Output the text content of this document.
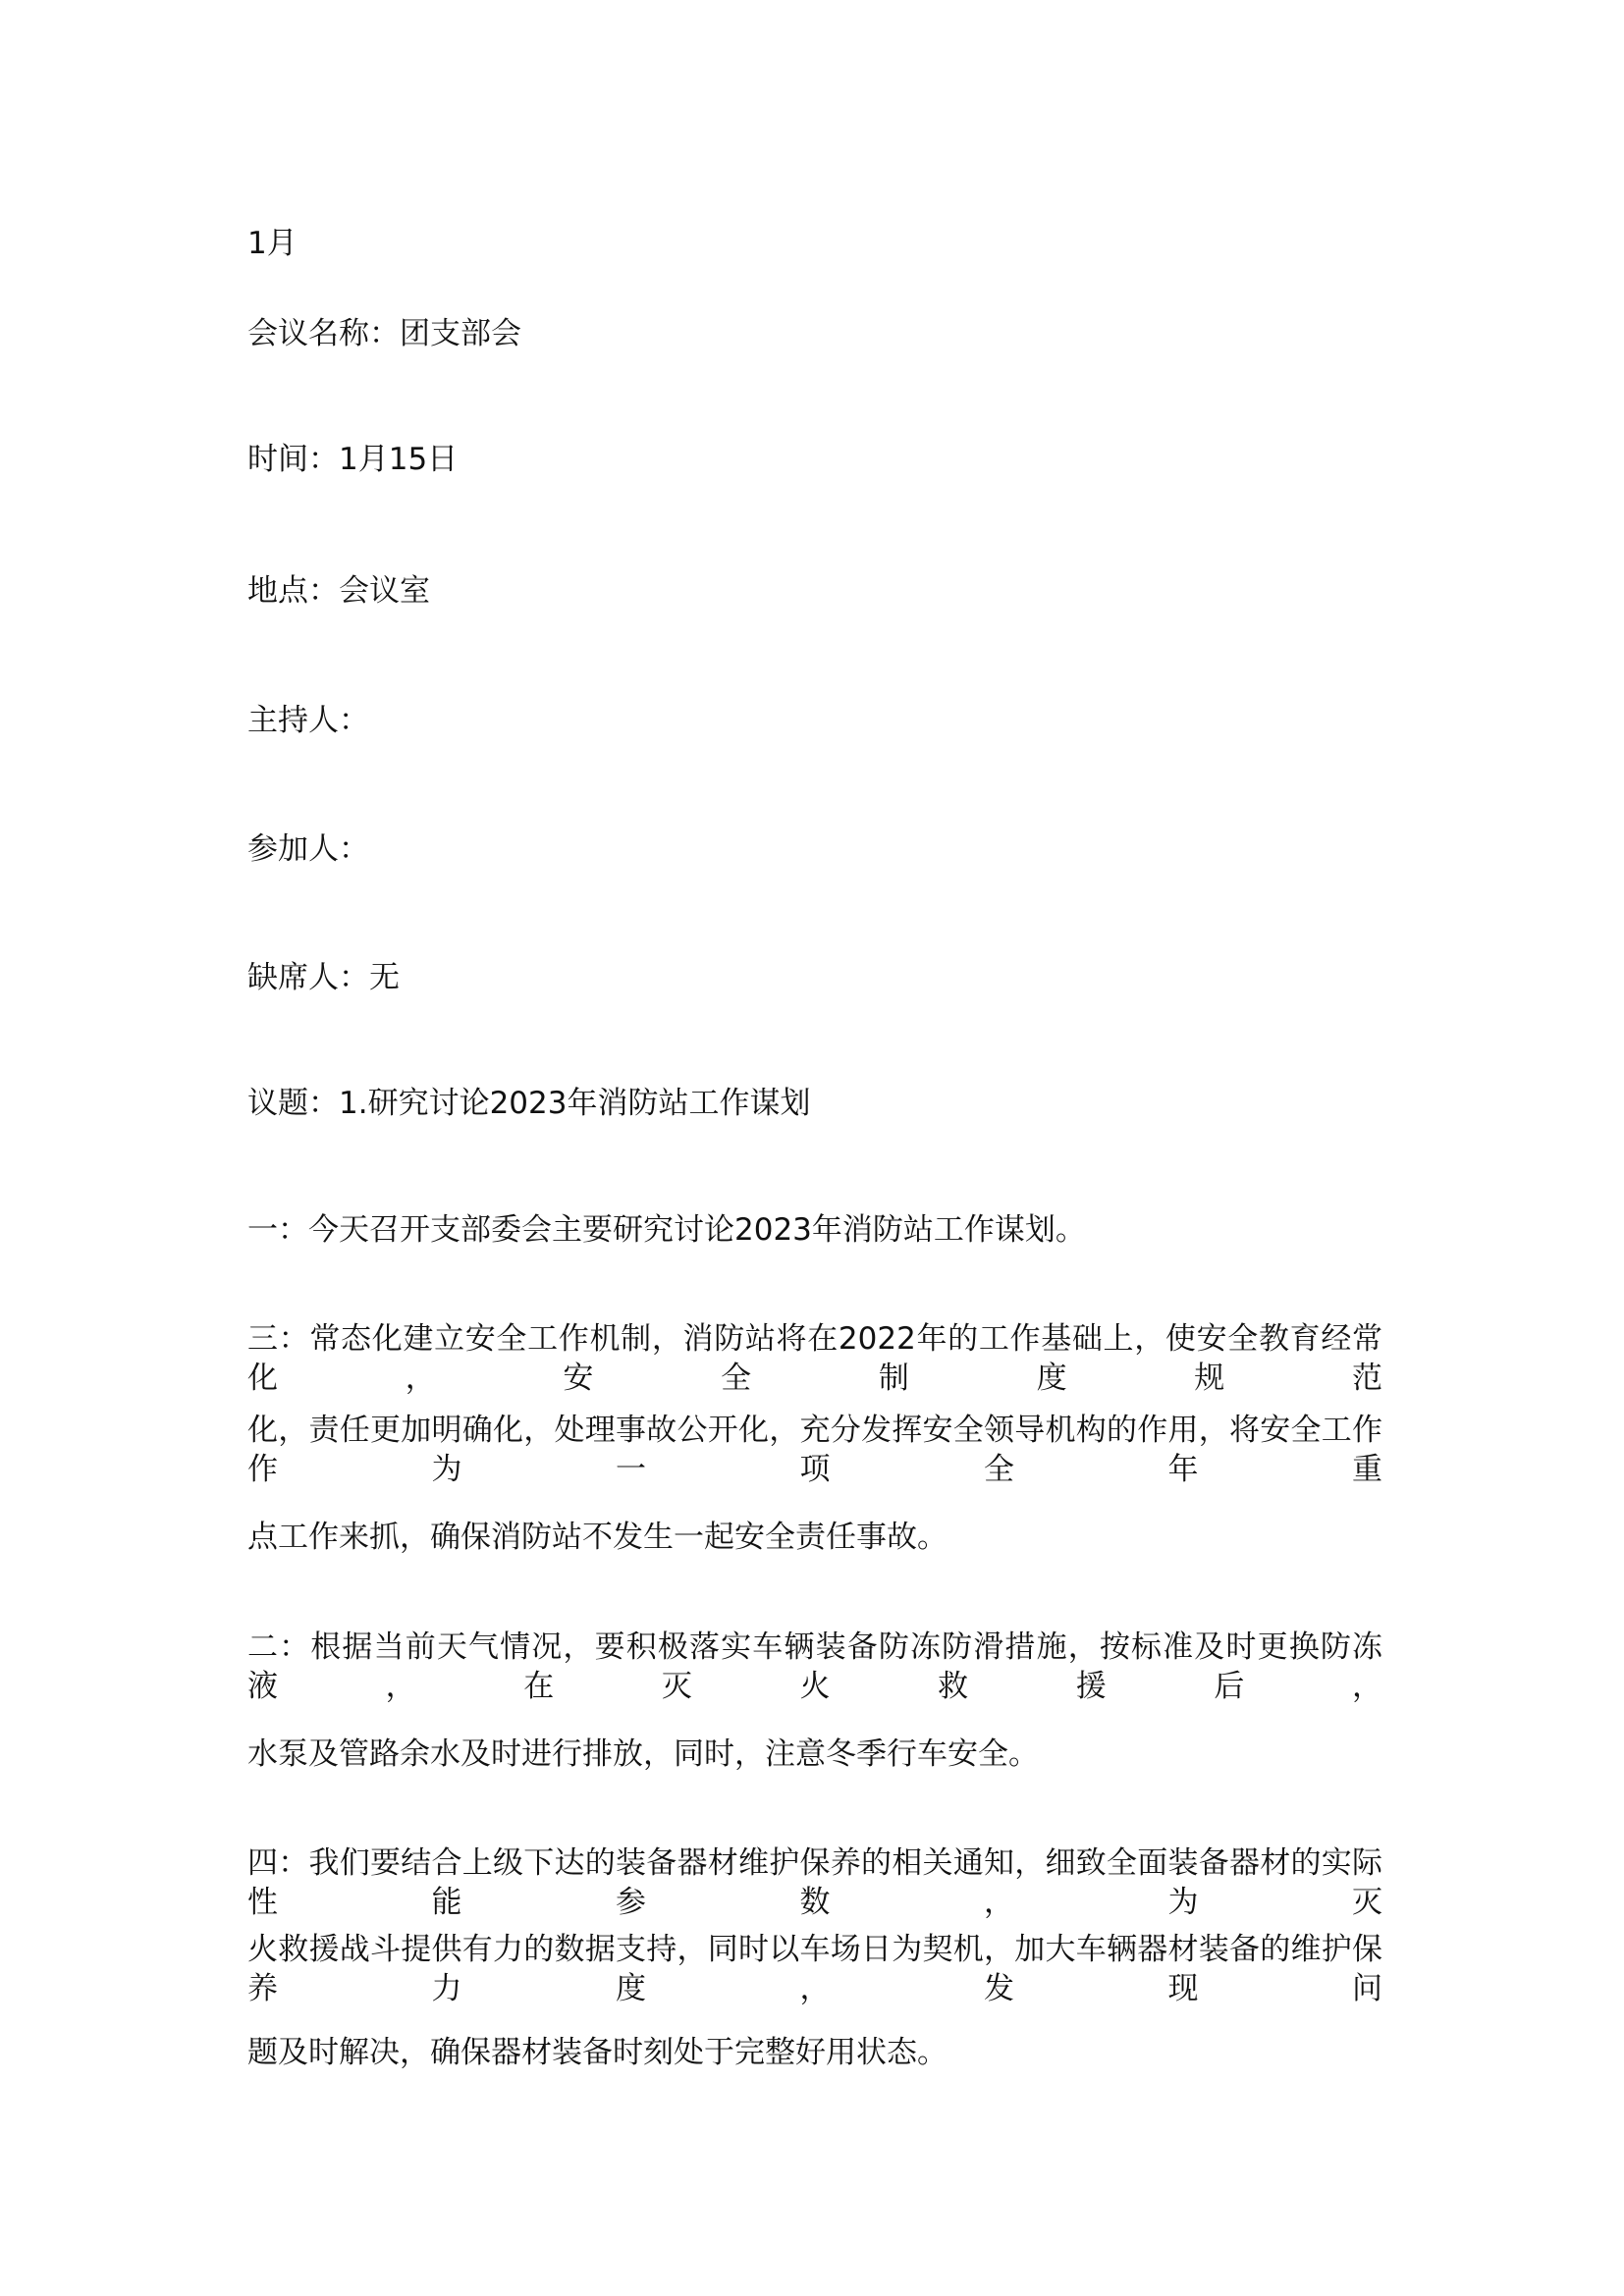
1月
会议名称：团支部会
时间：1月15日
地点：会议室
主持人：
参加人：
缺席人：无
议题：1.研究讨论2023年消防站工作谋划
一：今天召开支部委会主要研究讨论2023年消防站工作谋划。
三：常态化建立安全工作机制，消防站将在2022年的工作基础上，使安全教育经常化，安全制度规范
化，责任更加明确化，处理事故公开化，充分发挥安全领导机构的作用，将安全工作作为一项全年重
点工作来抓，确保消防站不发生一起安全责任事故。
二：根据当前天气情况，要积极落实车辆装备防冻防滑措施，按标准及时更换防冻液，在灭火救援后，
水泵及管路余水及时进行排放，同时，注意冬季行车安全。
四：我们要结合上级下达的装备器材维护保养的相关通知，细致全面装备器材的实际性能参数，为灭
火救援战斗提供有力的数据支持，同时以车场日为契机，加大车辆器材装备的维护保养力度，发现问
题及时解决，确保器材装备时刻处于完整好用状态。
